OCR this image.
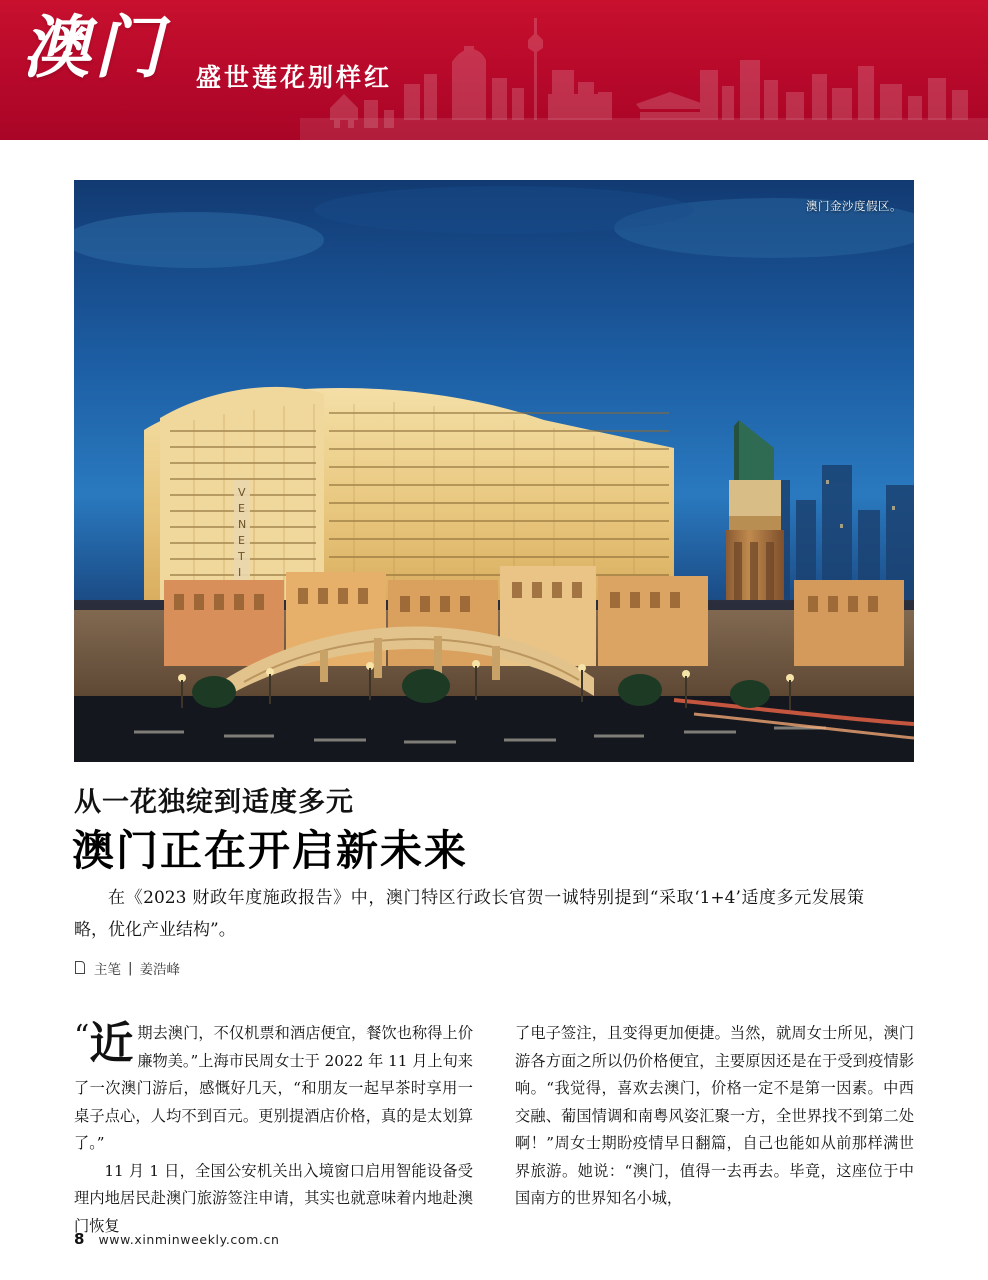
澳门 盛世莲花别样红
V
E
N
E
T
I
澳门金沙度假区。
从一花独绽到适度多元
澳门正在开启新未来
在《2023 财政年度施政报告》中，澳门特区行政长官贺一诚特别提到“采取‘1+4’适度多元发展策略，优化产业结构”。
主笔 | 姜浩峰

“ 近 期去澳门，不仅机票和酒店便宜，餐饮也称得上价廉物美。”上海市民周女士于 2022 年 11 月上旬来了一次澳门游后，感慨好几天，“和朋友一起早茶时享用一桌子点心，人均不到百元。更别提酒店价格，真的是太划算了。”

11 月 1 日，全国公安机关出入境窗口启用智能设备受理内地居民赴澳门旅游签注申请，其实也就意味着内地赴澳门恢复

了电子签注，且变得更加便捷。当然，就周女士所见，澳门游各方面之所以仍价格便宜，主要原因还是在于受到疫情影响。“我觉得，喜欢去澳门，价格一定不是第一因素。中西交融、葡国情调和南粤风姿汇聚一方，全世界找不到第二处啊！”周女士期盼疫情早日翻篇，自己也能如从前那样满世界旅游。她说：“澳门，值得一去再去。毕竟，这座位于中国南方的世界知名小城，

8 www.xinminweekly.com.cn
